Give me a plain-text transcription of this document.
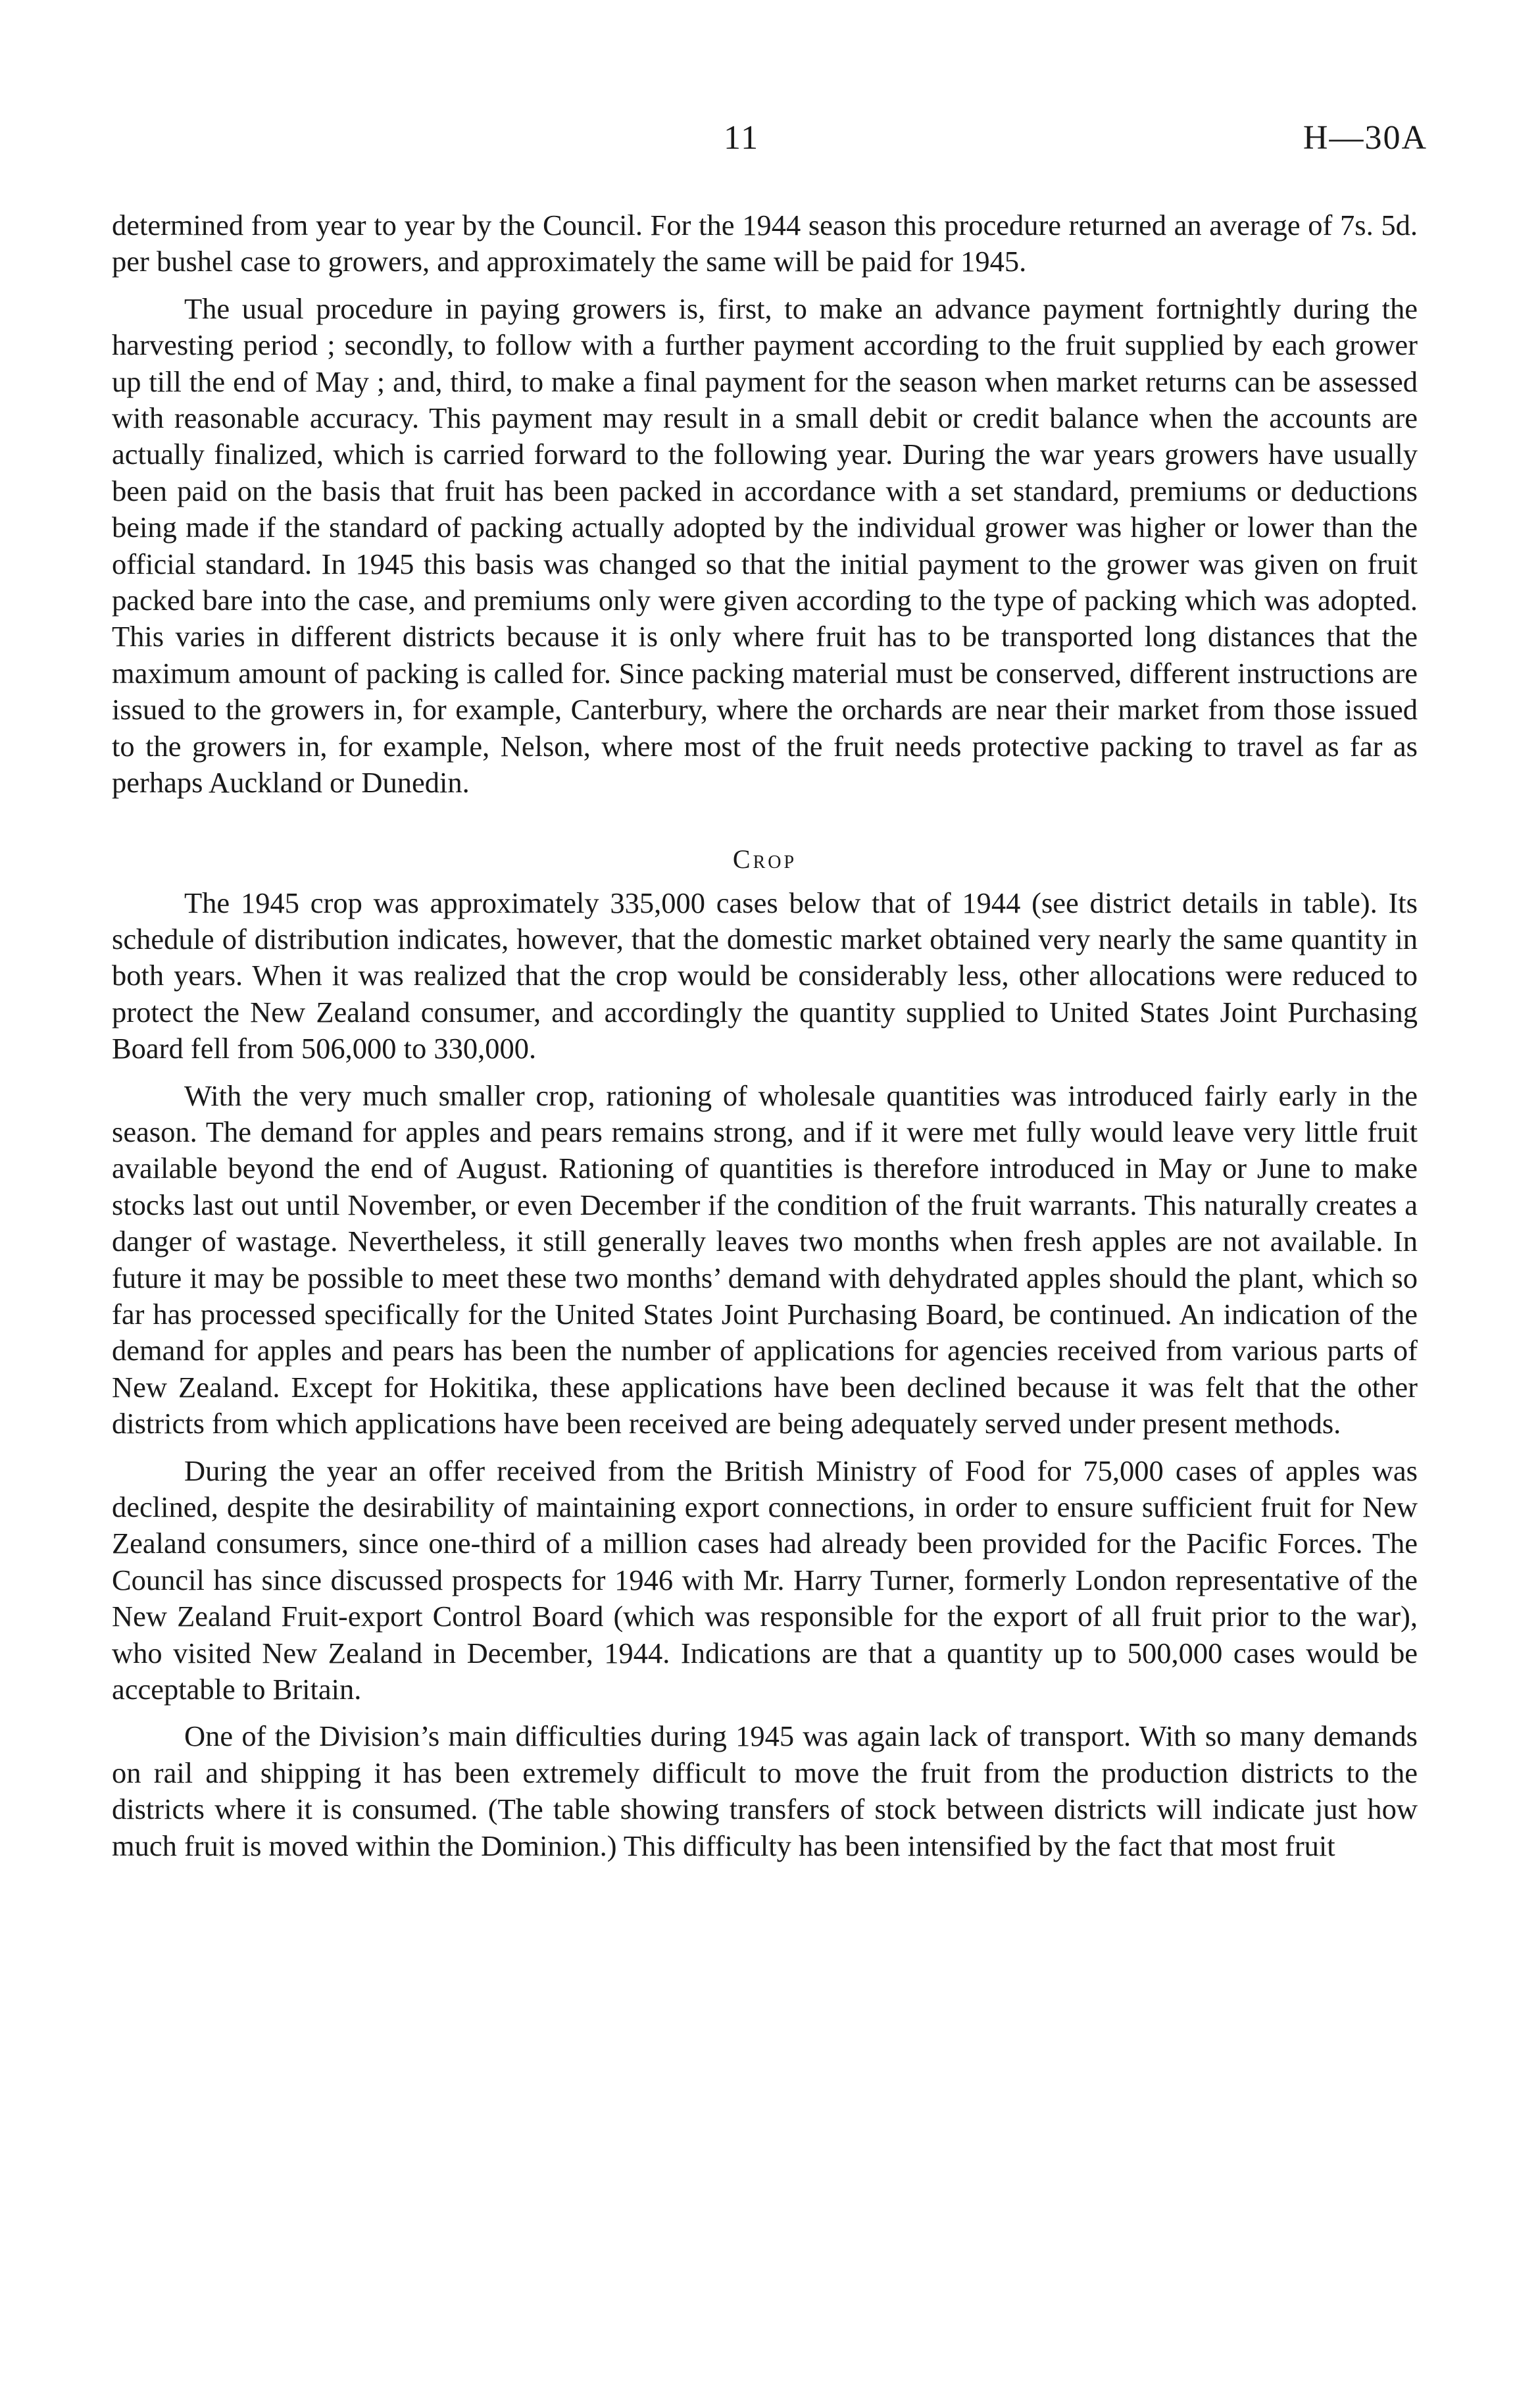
11	H—30A

determined from year to year by the Council. For the 1944 season this procedure returned an average of 7s. 5d. per bushel case to growers, and approximately the same will be paid for 1945.

The usual procedure in paying growers is, first, to make an advance payment fortnightly during the harvesting period ; secondly, to follow with a further payment according to the fruit supplied by each grower up till the end of May ; and, third, to make a final payment for the season when market returns can be assessed with reasonable accuracy. This payment may result in a small debit or credit balance when the accounts are actually finalized, which is carried forward to the following year. During the war years growers have usually been paid on the basis that fruit has been packed in accordance with a set standard, premiums or deductions being made if the standard of packing actually adopted by the individual grower was higher or lower than the official standard. In 1945 this basis was changed so that the initial payment to the grower was given on fruit packed bare into the case, and premiums only were given according to the type of packing which was adopted. This varies in different districts because it is only where fruit has to be transported long distances that the maximum amount of packing is called for. Since packing material must be conserved, different instructions are issued to the growers in, for example, Canterbury, where the orchards are near their market from those issued to the growers in, for example, Nelson, where most of the fruit needs protective packing to travel as far as perhaps Auckland or Dunedin.

Crop

The 1945 crop was approximately 335,000 cases below that of 1944 (see district details in table). Its schedule of distribution indicates, however, that the domestic market obtained very nearly the same quantity in both years. When it was realized that the crop would be considerably less, other allocations were reduced to protect the New Zealand consumer, and accordingly the quantity supplied to United States Joint Purchasing Board fell from 506,000 to 330,000.

With the very much smaller crop, rationing of wholesale quantities was introduced fairly early in the season. The demand for apples and pears remains strong, and if it were met fully would leave very little fruit available beyond the end of August. Rationing of quantities is therefore introduced in May or June to make stocks last out until November, or even December if the condition of the fruit warrants. This naturally creates a danger of wastage. Nevertheless, it still generally leaves two months when fresh apples are not available. In future it may be possible to meet these two months’ demand with dehydrated apples should the plant, which so far has processed specifically for the United States Joint Purchasing Board, be continued. An indication of the demand for apples and pears has been the number of applications for agencies received from various parts of New Zealand. Except for Hokitika, these applications have been declined because it was felt that the other districts from which applications have been received are being adequately served under present methods.

During the year an offer received from the British Ministry of Food for 75,000 cases of apples was declined, despite the desirability of maintaining export connections, in order to ensure sufficient fruit for New Zealand consumers, since one-third of a million cases had already been provided for the Pacific Forces. The Council has since discussed prospects for 1946 with Mr. Harry Turner, formerly London representative of the New Zealand Fruit-export Control Board (which was responsible for the export of all fruit prior to the war), who visited New Zealand in December, 1944. Indications are that a quantity up to 500,000 cases would be acceptable to Britain.

One of the Division’s main difficulties during 1945 was again lack of transport. With so many demands on rail and shipping it has been extremely difficult to move the fruit from the production districts to the districts where it is consumed. (The table showing transfers of stock between districts will indicate just how much fruit is moved within the Dominion.) This difficulty has been intensified by the fact that most fruit
